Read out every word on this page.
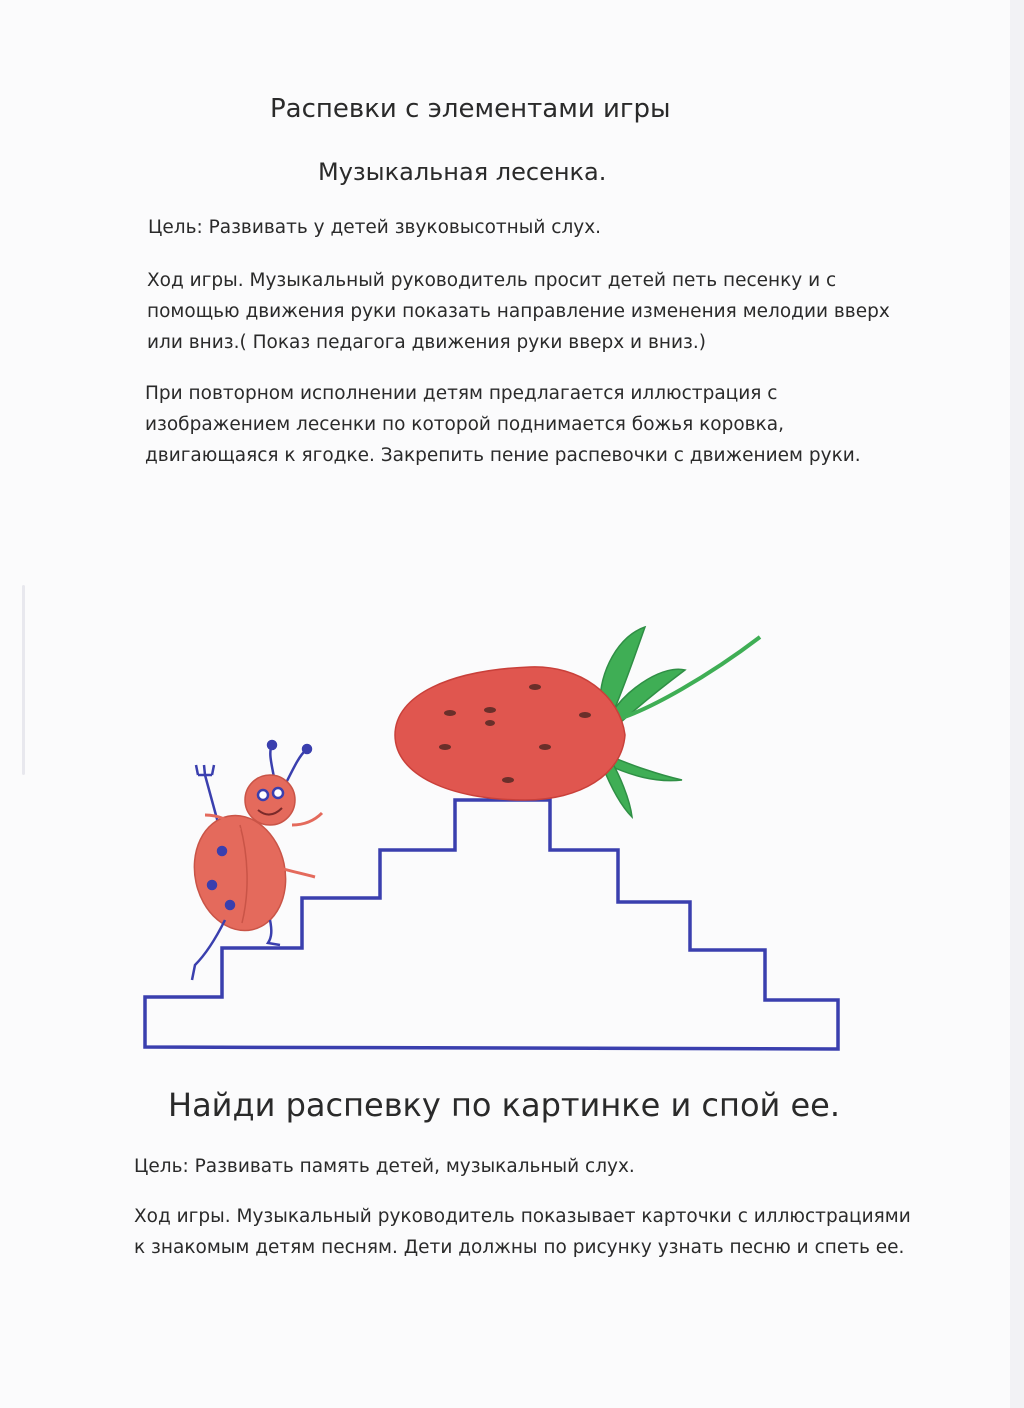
Распевки с элементами игры
Музыкальная лесенка.
Цель: Развивать у детей звуковысотный слух.
Ход игры. Музыкальный руководитель просит детей петь песенку и с помощью движения руки показать направление изменения мелодии вверх или вниз.( Показ педагога движения руки вверх и вниз.)
При повторном исполнении детям предлагается иллюстрация с изображением лесенки по которой поднимается божья коровка, двигающаяся к ягодке. Закрепить пение распевочки с движением руки.
Найди распевку по картинке и спой ее.
Цель: Развивать память детей, музыкальный слух.
Ход игры. Музыкальный руководитель показывает карточки с иллюстрациями к знакомым детям песням. Дети должны по рисунку узнать песню и спеть ее.
